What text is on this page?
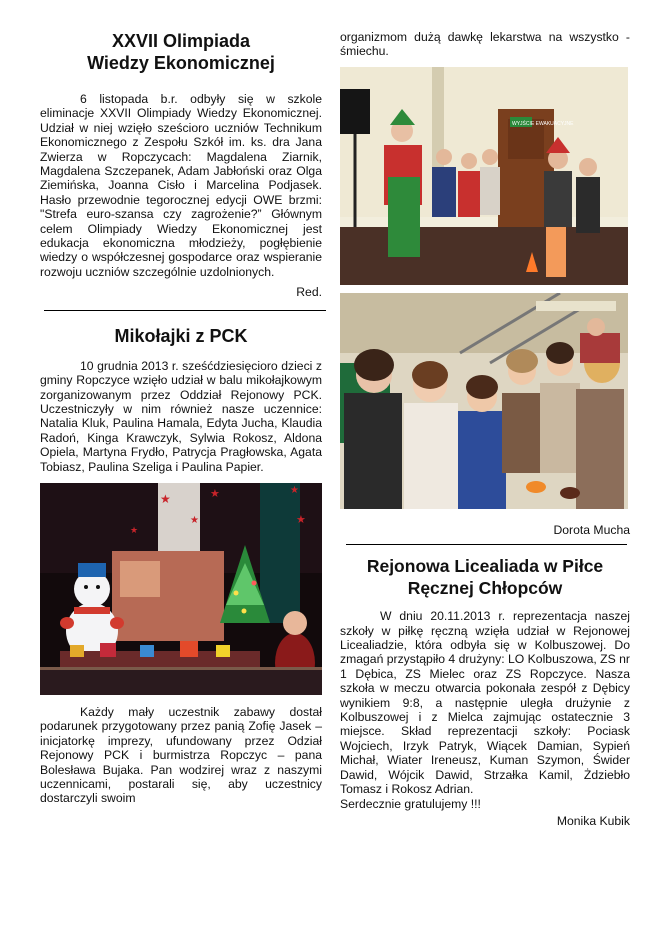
XXVII Olimpiada
Wiedzy Ekonomicznej

6 listopada b.r. odbyły się w szkole eliminacje XXVII Olimpiady Wiedzy Ekonomicznej. Udział w niej wzięło sześcioro uczniów Technikum Ekonomicznego z Zespołu Szkół im. ks. dra Jana Zwierza w Ropczycach: Magdalena Ziarnik, Magdalena Szczepanek, Adam Jabłoński oraz Olga Ziemińska, Joanna Cisło i Marcelina Podjasek. Hasło przewodnie tegorocznej edycji OWE brzmi: "Strefa euro-szansa czy zagrożenie?” Głównym celem Olimpiady Wiedzy Ekonomicznej jest edukacja ekonomiczna młodzieży, pogłębienie wiedzy o współczesnej gospodarce oraz wspieranie rozwoju uczniów szczególnie uzdolnionych.

Red.

Mikołajki z PCK

10 grudnia 2013 r. sześćdziesięcioro dzieci z gminy Ropczyce wzięło udział w balu mikołajkowym zorganizowanym przez Oddział Rejonowy PCK. Uczestniczyły w nim również nasze uczennice: Natalia Kluk, Paulina Hamala, Edyta Jucha, Klaudia Radoń, Kinga Krawczyk, Sylwia Rokosz, Aldona Opiela, Martyna Frydło, Patrycja Pragłowska, Agata Tobiasz, Paulina Szeliga i Paulina Papier.

★
★
★	★
★
★

Każdy mały uczestnik zabawy dostał podarunek przygotowany przez panią Zofię Jasek – inicjatorkę imprezy, ufundowany przez Odział Rejonowy PCK i burmistrza Ropczyc – pana Bolesława Bujaka. Pan wodzirej wraz z naszymi uczennicami, postarali się, aby uczestnicy dostarczyli swoim

organizmom dużą dawkę lekarstwa na wszystko - śmiechu.

WYJŚCIE EWAKUACYJNE

Dorota Mucha

Rejonowa Licealiada w Piłce
Ręcznej Chłopców

W dniu 20.11.2013 r. reprezentacja naszej szkoły w piłkę ręczną wzięła udział w Rejonowej Licealiadzie, która odbyła się w Kolbuszowej. Do zmagań przystąpiło 4 drużyny: LO Kolbuszowa, ZS nr 1 Dębica, ZS Mielec oraz ZS Ropczyce. Nasza szkoła w meczu otwarcia pokonała zespół z Dębicy wynikiem 9:8, a następnie uległa drużynie z Kolbuszowej i z Mielca zajmując ostatecznie 3 miejsce. Skład reprezentacji szkoły: Pociask Wojciech, Irzyk Patryk, Wiącek Damian, Sypień Michał, Wiater Ireneusz, Kuman Szymon, Świder Dawid, Wójcik Dawid, Strzałka Kamil, Żdziebło Tomasz i Rokosz Adrian.

Serdecznie gratulujemy !!!

Monika Kubik
